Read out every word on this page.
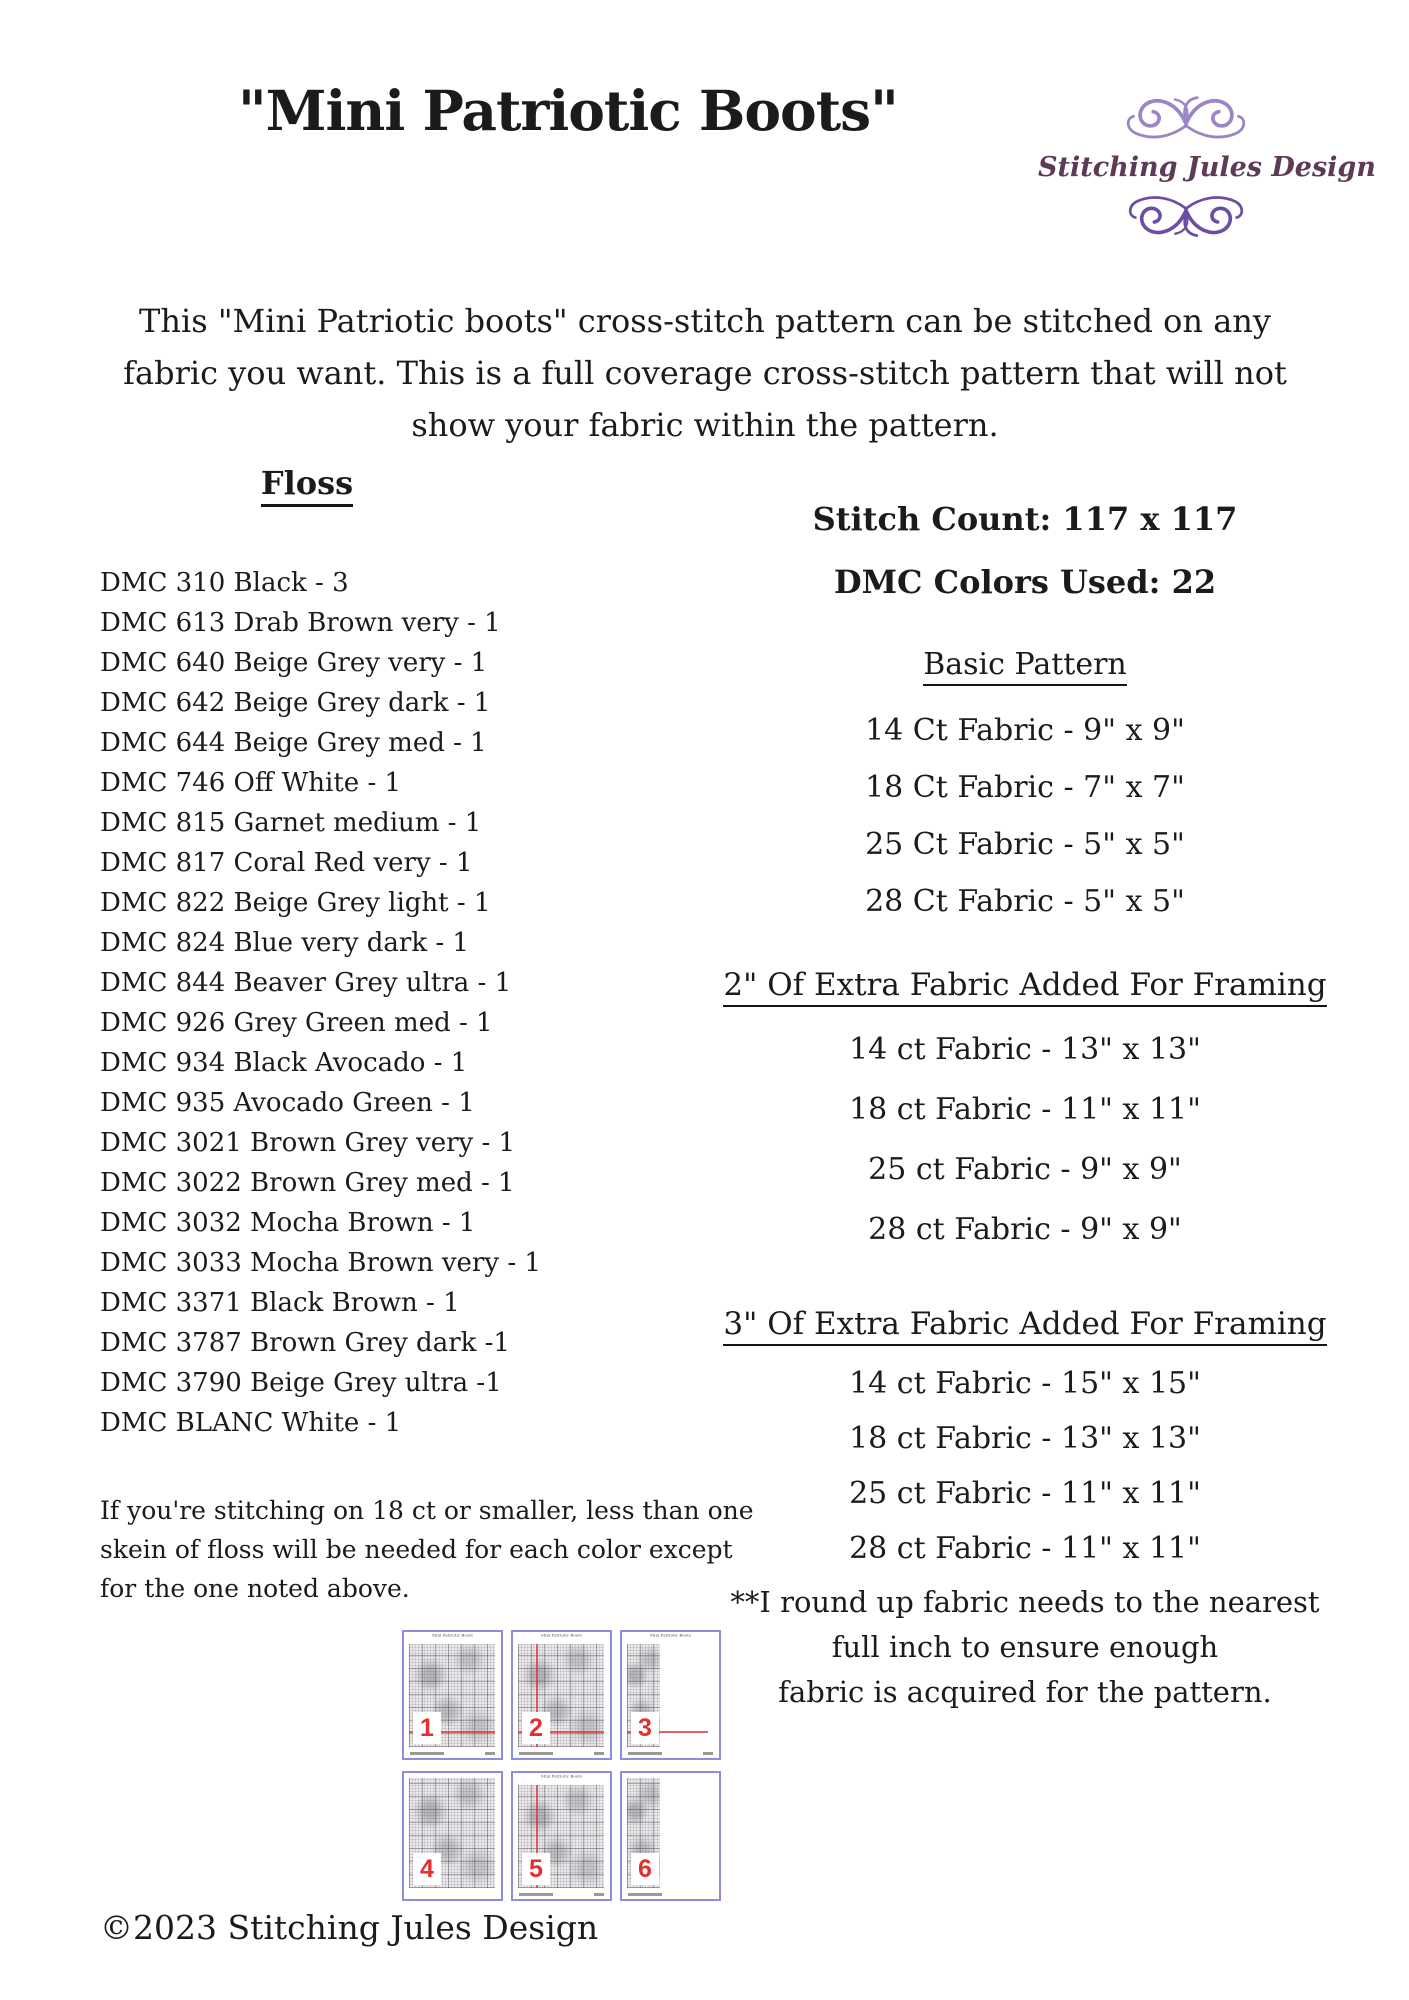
"Mini Patriotic Boots"
Stitching Jules Design
This "Mini Patriotic boots" cross-stitch pattern can be stitched on any
fabric you want. This is a full coverage cross-stitch pattern that will not
show your fabric within the pattern.
Floss
DMC 310 Black - 3
DMC 613 Drab Brown very - 1
DMC 640 Beige Grey very - 1
DMC 642 Beige Grey dark - 1
DMC 644 Beige Grey med - 1
DMC 746 Off White - 1
DMC 815 Garnet medium - 1
DMC 817 Coral Red very - 1
DMC 822 Beige Grey light - 1
DMC 824 Blue very dark - 1
DMC 844 Beaver Grey ultra - 1
DMC 926 Grey Green med - 1
DMC 934 Black Avocado - 1
DMC 935 Avocado Green - 1
DMC 3021 Brown Grey very - 1
DMC 3022 Brown Grey med - 1
DMC 3032 Mocha Brown - 1
DMC 3033 Mocha Brown very - 1
DMC 3371 Black Brown - 1
DMC 3787 Brown Grey dark -1
DMC 3790 Beige Grey ultra -1
DMC BLANC White - 1
If you're stitching on 18 ct or smaller, less than one
skein of floss will be needed for each color except
for the one noted above.
Stitch Count: 117 x 117
DMC Colors Used: 22
Basic Pattern
14 Ct Fabric - 9" x 9"
18 Ct Fabric - 7" x 7"
25 Ct Fabric - 5" x 5"
28 Ct Fabric - 5" x 5"
2" Of Extra Fabric Added For Framing
14 ct Fabric - 13" x 13"
18 ct Fabric - 11" x 11"
25 ct Fabric - 9" x 9"
28 ct Fabric - 9" x 9"
3" Of Extra Fabric Added For Framing
14 ct Fabric - 15" x 15"
18 ct Fabric - 13" x 13"
25 ct Fabric - 11" x 11"
28 ct Fabric - 11" x 11"
**I round up fabric needs to the nearest
full inch to ensure enough
fabric is acquired for the pattern.
Mini Patriotic Boots
1
Mini Patriotic Boots
2
Mini Patriotic Boots
3
4
Mini Patriotic Boots
5	6
©2023 Stitching Jules Design
